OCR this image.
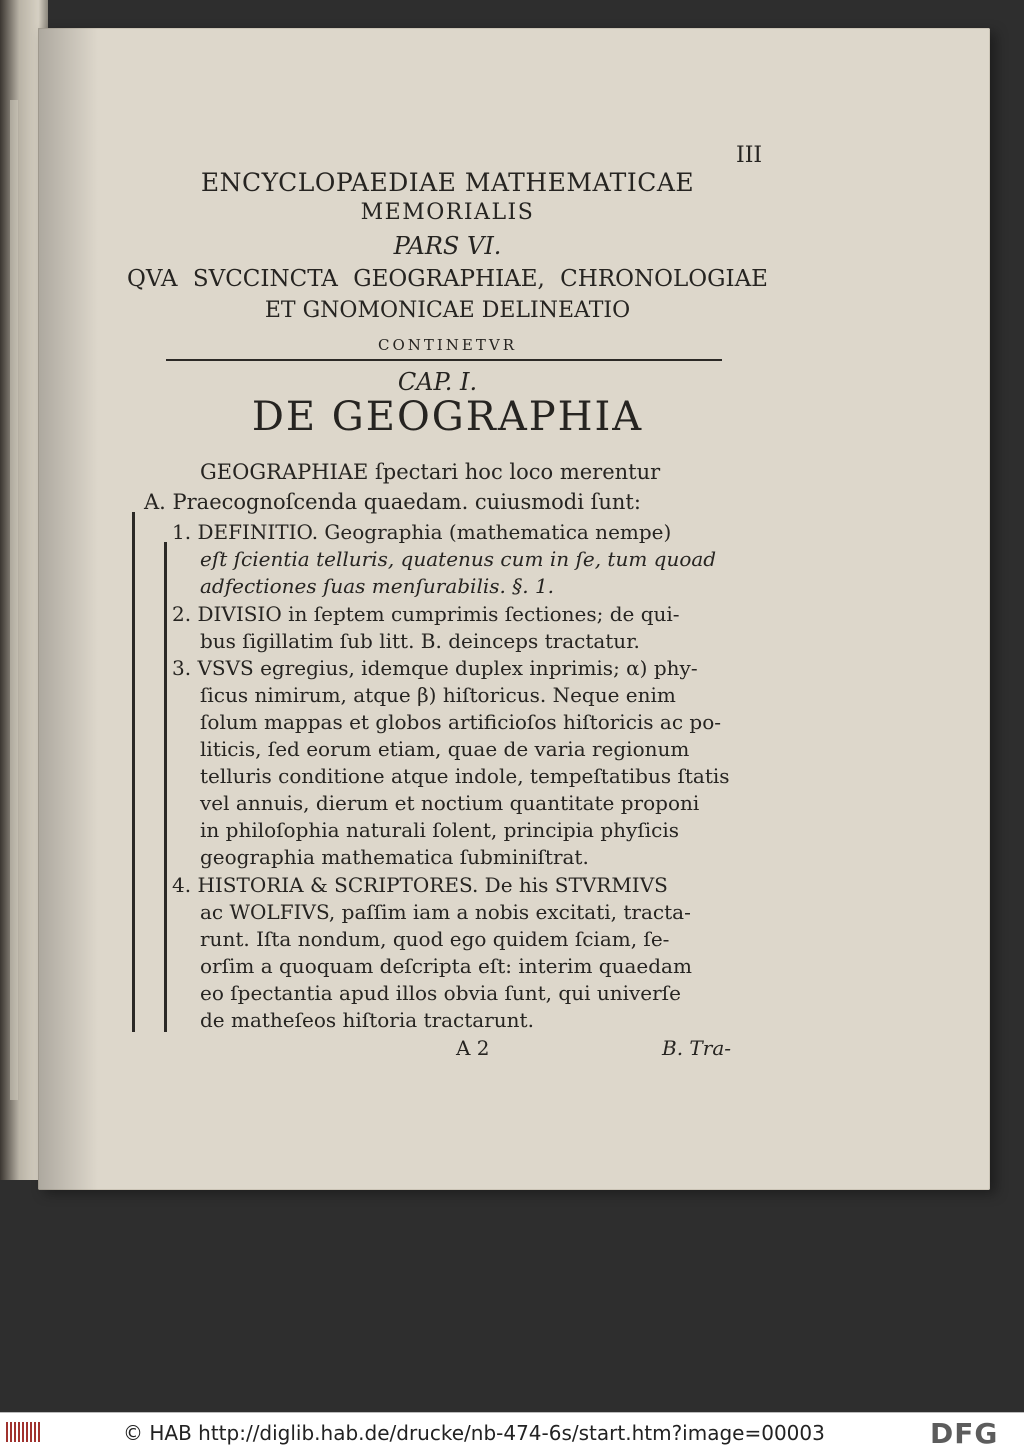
III
ENCYCLOPAEDIAE MATHEMATICAE
MEMORIALIS
PARS VI.
QVA SVCCINCTA GEOGRAPHIAE, CHRONOLOGIAE
ET GNOMONICAE DELINEATIO
CONTINETVR
CAP. I.
DE GEOGRAPHIA
GEOGRAPHIAE ſpectari hoc loco merentur
A. Praecognoſcenda quaedam. cuiusmodi ſunt:
1. DEFINITIO. Geographia (mathematica nempe)
eſt ſcientia telluris, quatenus cum in ſe, tum quoad
adfectiones ſuas menſurabilis. §. 1.
2. DIVISIO in ſeptem cumprimis ſectiones; de qui-
bus ſigillatim ſub litt. B. deinceps tractatur.
3. VSVS egregius, idemque duplex inprimis; α) phy-
ſicus nimirum, atque β) hiſtoricus. Neque enim
ſolum mappas et globos artificioſos hiſtoricis ac po-
liticis, ſed eorum etiam, quae de varia regionum
telluris conditione atque indole, tempeſtatibus ſtatis
vel annuis, dierum et noctium quantitate proponi
in philoſophia naturali ſolent, principia phyſicis
geographia mathematica ſubminiſtrat.
4. HISTORIA & SCRIPTORES. De his STVRMIVS
ac WOLFIVS, paſſim iam a nobis excitati, tracta-
runt. Iſta nondum, quod ego quidem ſciam, ſe-
orſim a quoquam deſcripta eſt: interim quaedam
eo ſpectantia apud illos obvia ſunt, qui univerſe
de matheſeos hiſtoria tractarunt.
A 2	B. Tra-
© HAB http://diglib.hab.de/drucke/nb-474-6s/start.htm?image=00003	DFG
